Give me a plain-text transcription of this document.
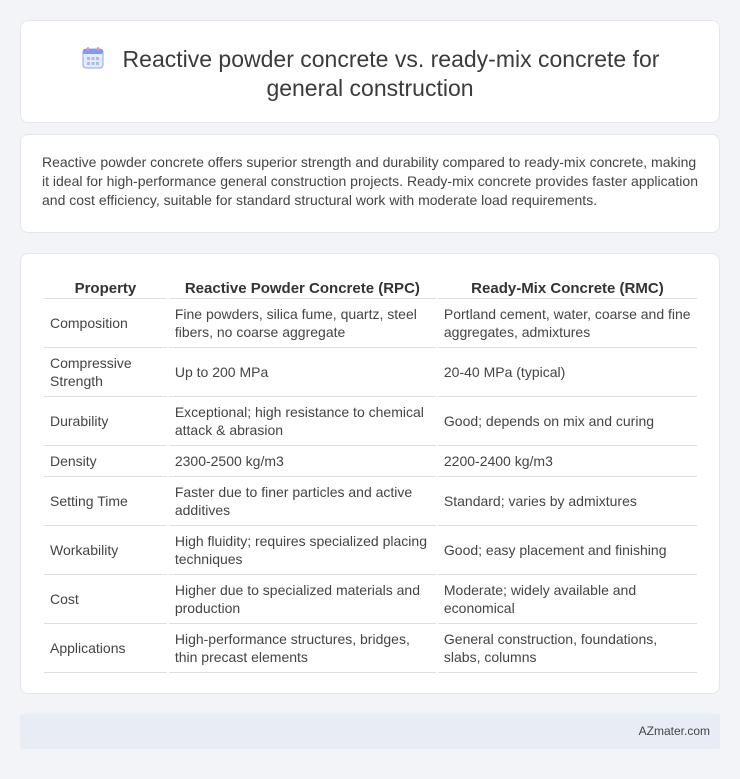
Reactive powder concrete vs. ready-mix concrete for general construction

Reactive powder concrete offers superior strength and durability compared to ready-mix concrete, making it ideal for high-performance general construction projects. Ready-mix concrete provides faster application and cost efficiency, suitable for standard structural work with moderate load requirements.

Property	Reactive Powder Concrete (RPC)	Ready-Mix Concrete (RMC)
Composition	Fine powders, silica fume, quartz, steel fibers, no coarse aggregate	Portland cement, water, coarse and fine aggregates, admixtures
Compressive Strength	Up to 200 MPa	20-40 MPa (typical)
Durability	Exceptional; high resistance to chemical attack & abrasion	Good; depends on mix and curing
Density	2300-2500 kg/m3	2200-2400 kg/m3
Setting Time	Faster due to finer particles and active additives	Standard; varies by admixtures
Workability	High fluidity; requires specialized placing techniques	Good; easy placement and finishing
Cost	Higher due to specialized materials and production	Moderate; widely available and economical
Applications	High-performance structures, bridges, thin precast elements	General construction, foundations, slabs, columns
AZmater.com
